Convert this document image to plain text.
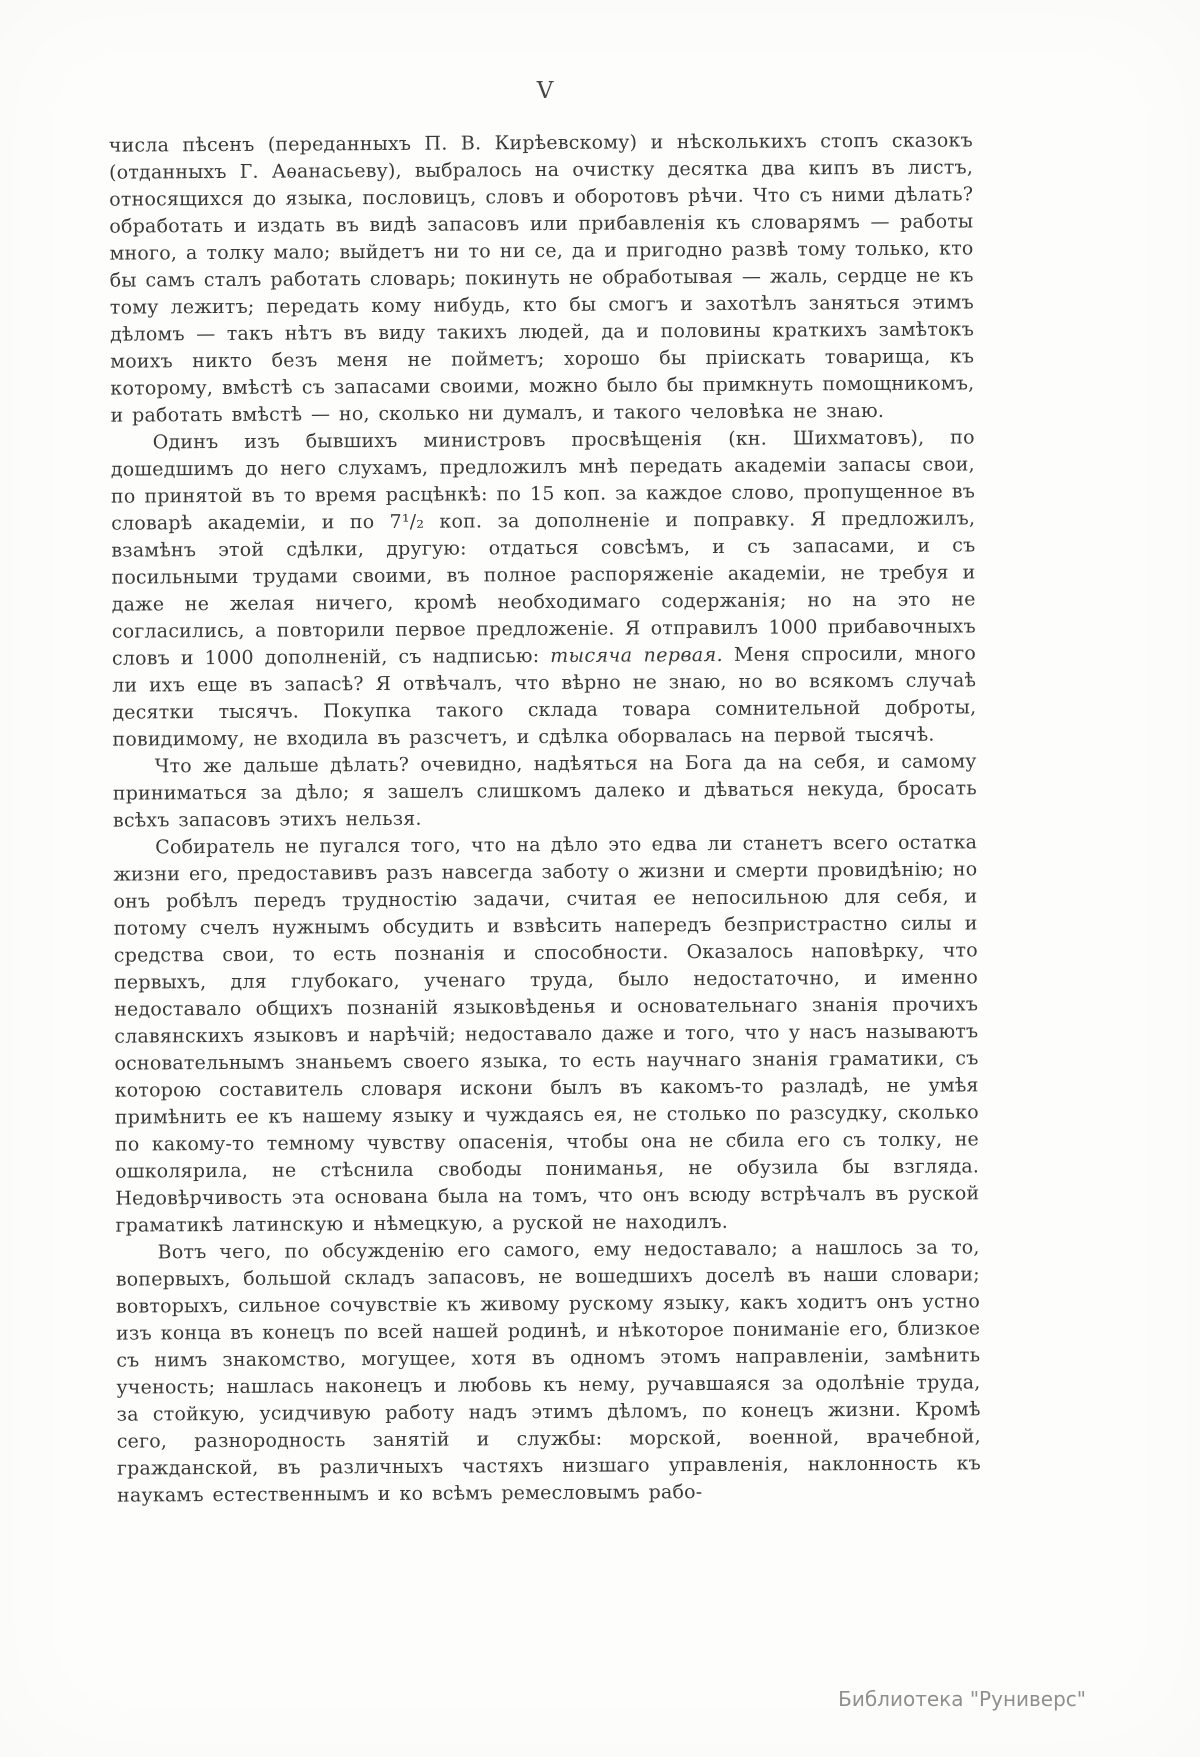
V

числа пѣсенъ (переданныхъ П. В. Кирѣевскому) и нѣсколькихъ стопъ сказокъ (отданныхъ Г. Аѳанасьеву), выбралось на очистку десятка два кипъ въ листъ, относящихся до языка, пословицъ, словъ и оборотовъ рѣчи. Что съ ними дѣлать? обработать и издать въ видѣ запасовъ или прибавленія къ словарямъ — работы много, а толку мало; выйдетъ ни то ни се, да и пригодно развѣ тому только, кто бы самъ сталъ работать словарь; покинуть не обработывая — жаль, сердце не къ тому лежитъ; передать кому нибудь, кто бы смогъ и захотѣлъ заняться этимъ дѣломъ — такъ нѣтъ въ виду такихъ людей, да и половины краткихъ замѣтокъ моихъ никто безъ меня не пойметъ; хорошо бы пріискать товарища, къ которому, вмѣстѣ съ запасами своими, можно было бы примкнуть помощникомъ, и работать вмѣстѣ — но, сколько ни думалъ, и такого человѣка не знаю.

Одинъ изъ бывшихъ министровъ просвѣщенія (кн. Шихматовъ), по дошедшимъ до него слухамъ, предложилъ мнѣ передать академіи запасы свои, по принятой въ то время расцѣнкѣ: по 15 коп. за каждое слово, пропущенное въ словарѣ академіи, и по 7¹/₂ коп. за дополненіе и поправку. Я предложилъ, взамѣнъ этой сдѣлки, другую: отдаться совсѣмъ, и съ запасами, и съ посильными трудами своими, въ полное распоряженіе академіи, не требуя и даже не желая ничего, кромѣ необходимаго содержанія; но на это не согласились, а повторили первое предложеніе. Я отправилъ 1000 прибавочныхъ словъ и 1000 дополненій, съ надписью: тысяча первая. Меня спросили, много ли ихъ еще въ запасѣ? Я отвѣчалъ, что вѣрно не знаю, но во всякомъ случаѣ десятки тысячъ. Покупка такого склада товара сомнительной доброты, повидимому, не входила въ разсчетъ, и сдѣлка оборвалась на первой тысячѣ.

Что же дальше дѣлать? очевидно, надѣяться на Бога да на себя, и самому приниматься за дѣло; я зашелъ слишкомъ далеко и дѣваться некуда, бросать всѣхъ запасовъ этихъ нельзя.

Собиратель не пугался того, что на дѣло это едва ли станетъ всего остатка жизни его, предоставивъ разъ навсегда заботу о жизни и смерти провидѣнію; но онъ робѣлъ передъ трудностію задачи, считая ее непосильною для себя, и потому счелъ нужнымъ обсудить и взвѣсить напередъ безпристрастно силы и средства свои, то есть познанія и способности. Оказалось наповѣрку, что первыхъ, для глубокаго, ученаго труда, было недостаточно, и именно недоставало общихъ познаній языковѣденья и основательнаго знанія прочихъ славянскихъ языковъ и нарѣчій; недоставало даже и того, что у насъ называютъ основательнымъ знаньемъ своего языка, то есть научнаго знанія граматики, съ которою составитель словаря искони былъ въ какомъ-то разладѣ, не умѣя примѣнить ее къ нашему языку и чуждаясь ея, не столько по разсудку, сколько по какому-то темному чувству опасенія, чтобы она не сбила его съ толку, не ошколярила, не стѣснила свободы пониманья, не обузила бы взгляда. Недовѣрчивость эта основана была на томъ, что онъ всюду встрѣчалъ въ руской граматикѣ латинскую и нѣмецкую, а руской не находилъ.

Вотъ чего, по обсужденію его самого, ему недоставало; а нашлось за то, вопервыхъ, большой складъ запасовъ, не вошедшихъ доселѣ въ наши словари; вовторыхъ, сильное сочувствіе къ живому рускому языку, какъ ходитъ онъ устно изъ конца въ конецъ по всей нашей родинѣ, и нѣкоторое пониманіе его, близкое съ нимъ знакомство, могущее, хотя въ одномъ этомъ направленіи, замѣнить ученость; нашлась наконецъ и любовь къ нему, ручавшаяся за одолѣніе труда, за стойкую, усидчивую работу надъ этимъ дѣломъ, по конецъ жизни. Кромѣ сего, разнородность занятій и службы: морской, военной, врачебной, гражданской, въ различныхъ частяхъ низшаго управленія, наклонность къ наукамъ естественнымъ и ко всѣмъ ремесловымъ рабо-

Библиотека "Руниверс"
